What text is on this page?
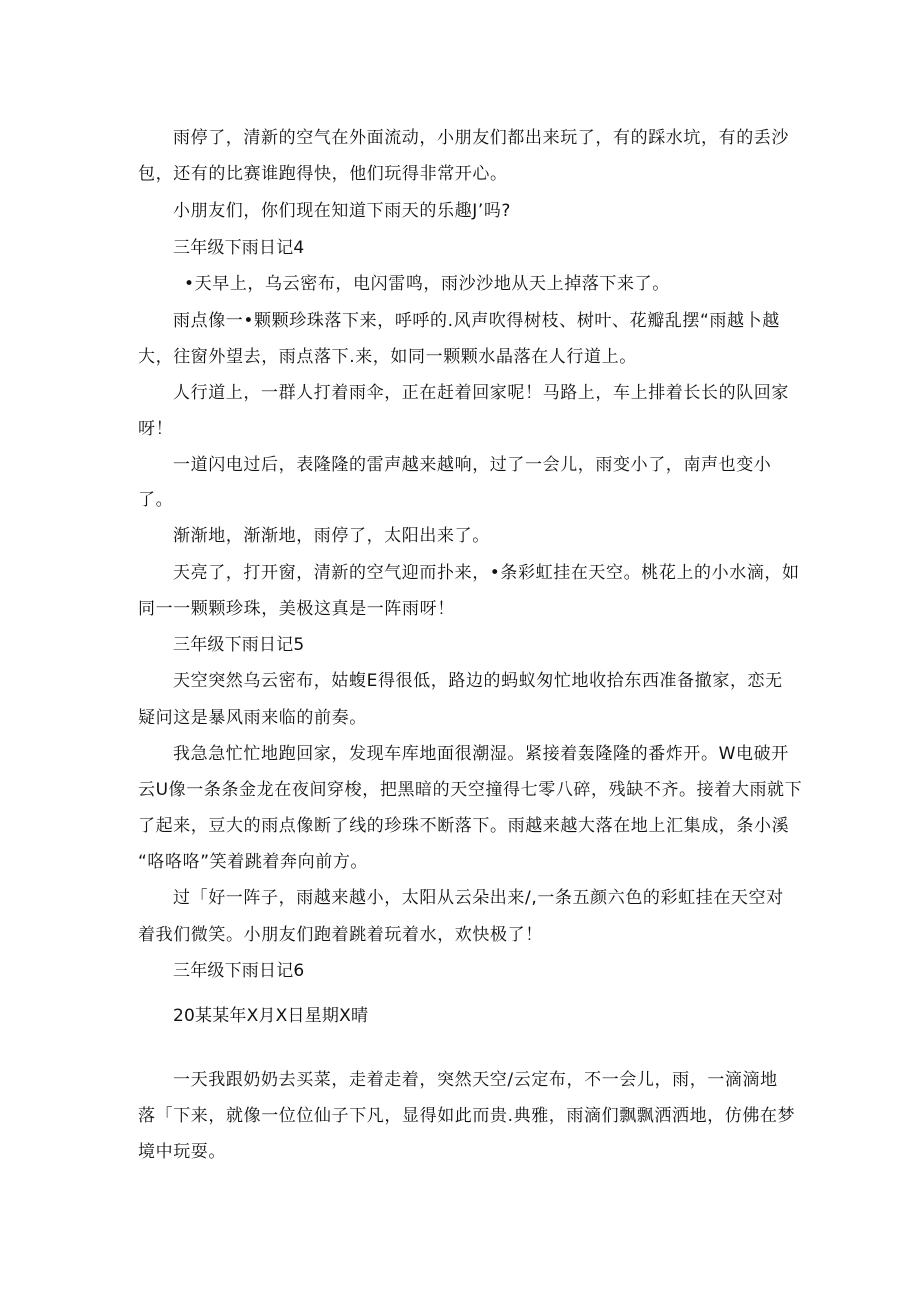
雨停了，清新的空气在外面流动，小朋友们都出来玩了，有的踩水坑，有的丢沙
包，还有的比赛谁跑得快，他们玩得非常开心。
小朋友们，你们现在知道下雨天的乐趣J’吗?
三年级下雨日记4
•天早上，乌云密布，电闪雷鸣，雨沙沙地从天上掉落下来了。
雨点像一•颗颗珍珠落下来，呼呼的.风声吹得树枝、树叶、花瓣乱摆“雨越卜越
大，往窗外望去，雨点落下.来，如同一颗颗水晶落在人行道上。
人行道上，一群人打着雨伞，正在赶着回家呢！马路上，车上排着长长的队回家
呀！
一道闪电过后，表隆隆的雷声越来越响，过了一会儿，雨变小了，南声也变小
了。
渐渐地，渐渐地，雨停了，太阳出来了。
天亮了，打开窗，清新的空气迎而扑来，•条彩虹挂在天空。桃花上的小水滴，如
同一一颗颗珍珠，美极这真是一阵雨呀！
三年级下雨日记5
天空突然乌云密布，姑蝮E得很低，路边的蚂蚁匆忙地收拾东西准备撤家，恋无
疑问这是暴风雨来临的前奏。
我急急忙忙地跑回家，发现车库地面很潮湿。紧接着轰隆隆的番炸开。W电破开
云U像一条条金龙在夜间穿梭，把黑暗的天空撞得七零八碎，残缺不齐。接着大雨就下
了起来，豆大的雨点像断了线的珍珠不断落下。雨越来越大落在地上汇集成，条小溪
“咯咯咯”笑着跳着奔向前方。
过「好一阵子，雨越来越小，太阳从云朵出来/,一条五颜六色的彩虹挂在天空对
着我们微笑。小朋友们跑着跳着玩着水，欢快极了！
三年级下雨日记6
20某某年X月X日星期X晴
一天我跟奶奶去买菜，走着走着，突然天空/云定布，不一会儿，雨，一滴滴地
落「下来，就像一位位仙子下凡，显得如此而贵.典雅，雨滴们飘飘洒洒地，仿佛在梦
境中玩耍。
